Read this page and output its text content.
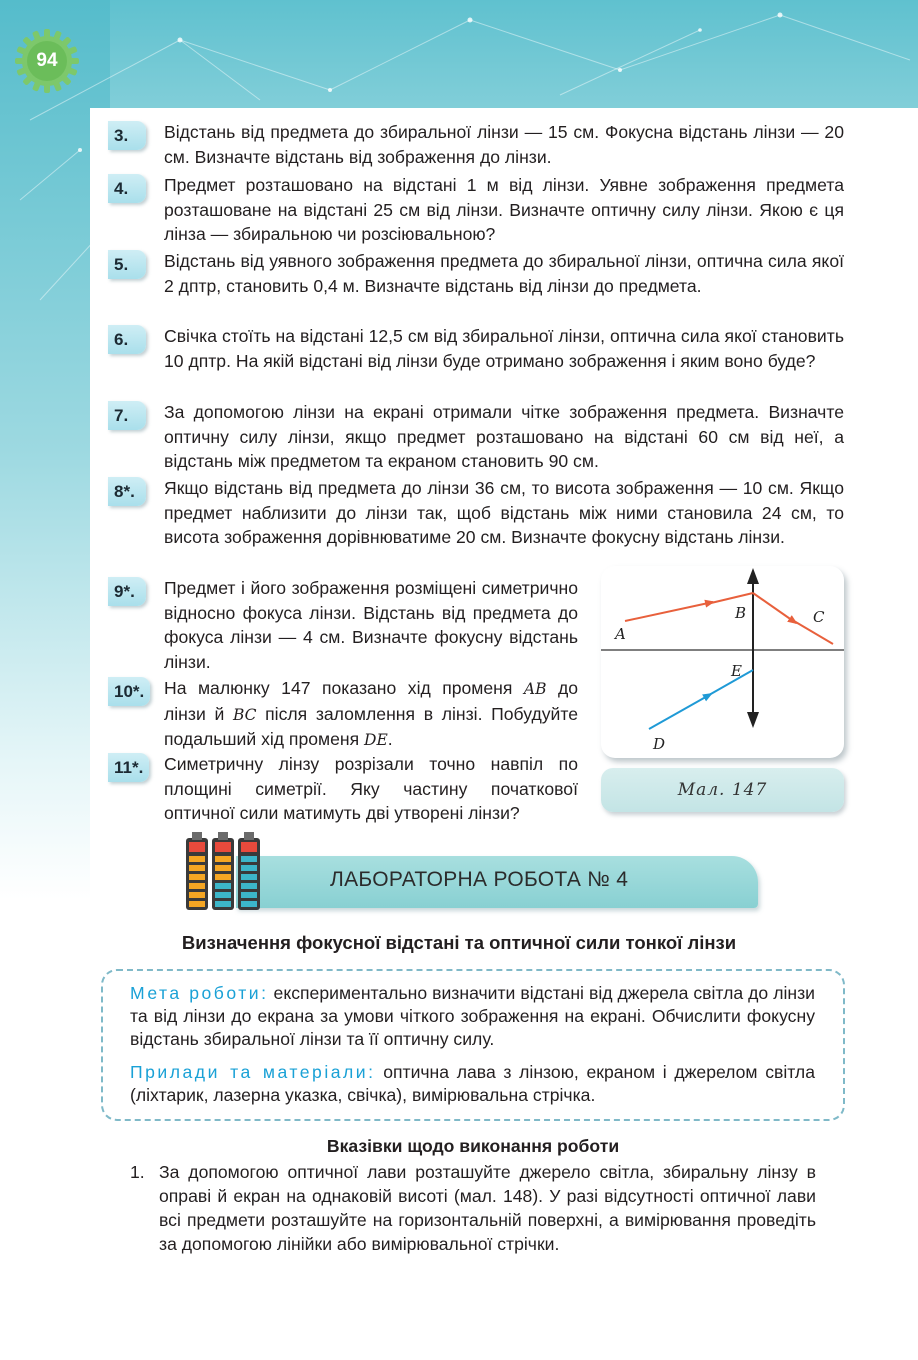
94
3.	Відстань від предмета до збиральної лінзи — 15 см. Фокусна відстань лінзи — 20 см. Визначте відстань від зображення до лінзи.
4.	Предмет розташовано на відстані 1 м від лінзи. Уявне зображення предмета розташоване на відстані 25 см від лінзи. Визначте оптичну силу лінзи. Якою є ця лінза — збиральною чи розсіювальною?
5.	Відстань від уявного зображення предмета до збиральної лінзи, оптична сила якої 2 дптр, становить 0,4 м. Визначте відстань від лінзи до предмета.
6.	Свічка стоїть на відстані 12,5 см від збиральної лінзи, оптична сила якої становить 10 дптр. На якій відстані від лінзи буде отримано зображення і яким воно буде?
7.	За допомогою лінзи на екрані отримали чітке зображення предмета. Визначте оптичну силу лінзи, якщо предмет розташовано на відстані 60 см від неї, а відстань між предметом та екраном становить 90 см.
8*.	Якщо відстань від предмета до лінзи 36 см, то висота зображення — 10 см. Якщо предмет наблизити до лінзи так, щоб відстань між ними становила 24 см, то висота зображення дорівнюватиме 20 см. Визначте фокусну відстань лінзи.
9*.	Предмет і його зображення розміщені симетрично відносно фокуса лінзи. Відстань від предмета до фокуса лінзи — 4 см. Визначте фокусну відстань лінзи.
10*.	На малюнку 147 показано хід променя AB до лінзи й BC після заломлення в лінзі. Побудуйте подальший хід променя DE.
11*.	Симетричну лінзу розрізали точно навпіл по площині симетрії. Яку частину початкової оптичної сили матимуть дві утворені лінзи?
A
B	C
D
E
Мал. 147
ЛАБОРАТОРНА РОБОТА № 4
Визначення фокусної відстані та оптичної сили тонкої лінзи
Мета роботи: експериментально визначити відстані від джерела світла до лінзи та від лінзи до екрана за умови чіткого зображення на екрані. Обчислити фокусну відстань збиральної лінзи та її оптичну силу.
Прилади та матеріали: оптична лава з лінзою, екраном і джерелом світла (ліхтарик, лазерна указка, свічка), вимірювальна стрічка.
Вказівки щодо виконання роботи
1. За допомогою оптичної лави розташуйте джерело світла, збиральну лінзу в оправі й екран на однаковій висоті (мал. 148). У разі відсутності оптичної лави всі предмети розташуйте на горизонтальній поверхні, а вимірювання проведіть за допомогою лінійки або вимірювальної стрічки.
